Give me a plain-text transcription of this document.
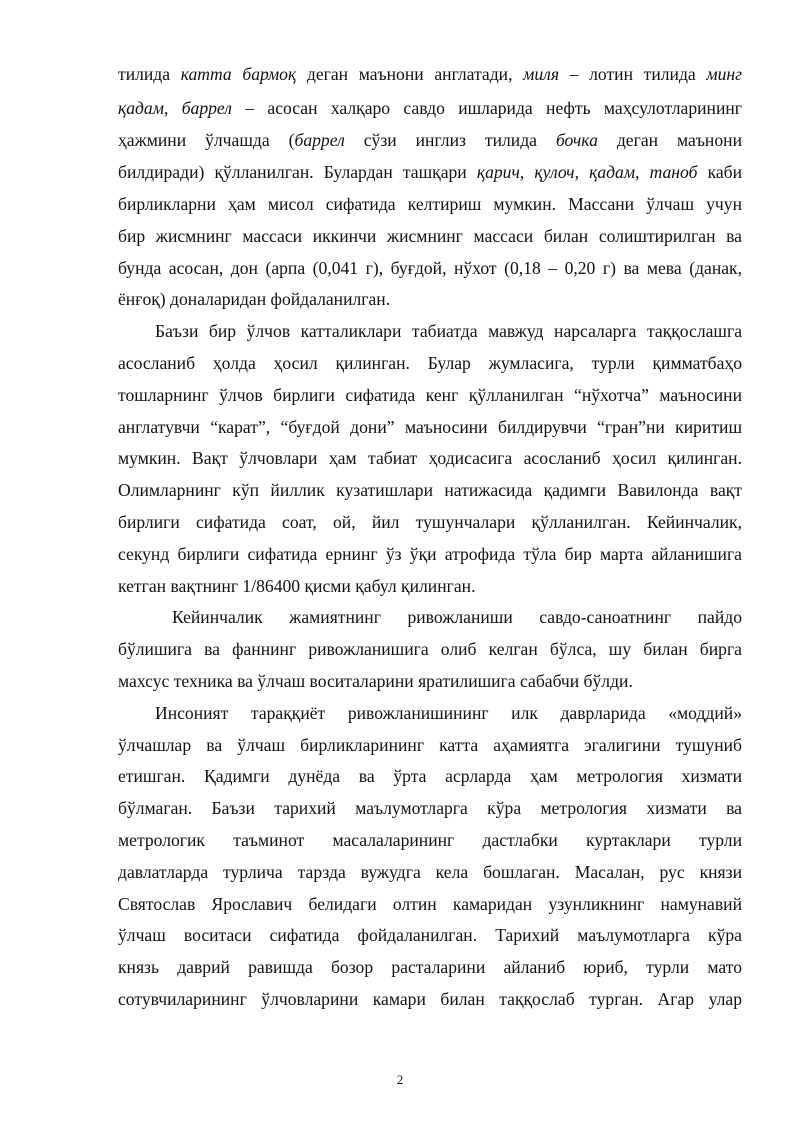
тилида катта бармоқ деган маънони англатади, миля – лотин тилида минг
қадам, баррел – асосан халқаро савдо ишларида нефть маҳсулотларининг
ҳажмини ўлчашда (баррел сўзи инглиз тилида бочка деган маънони
билдиради) қўлланилган. Булардан ташқари қарич, қулоч, қадам, таноб каби
бирликларни ҳам мисол сифатида келтириш мумкин. Массани ўлчаш учун
бир жисмнинг массаси иккинчи жисмнинг массаси билан солиштирилган ва
бунда асосан, дон (арпа (0,041 г), буғдой, нўхот (0,18 – 0,20 г) ва мева (данак,
ёнғоқ) доналаридан фойдаланилган.
Баъзи бир ўлчов катталиклари табиатда мавжуд нарсаларга таққослашга
асосланиб ҳолда ҳосил қилинган. Булар жумласига, турли қимматбаҳо
тошларнинг ўлчов бирлиги сифатида кенг қўлланилган “нўхотча” маъносини
англатувчи “карат”, “буғдой дони” маъносини билдирувчи “гран”ни киритиш
мумкин. Вақт ўлчовлари ҳам табиат ҳодисасига асосланиб ҳосил қилинган.
Олимларнинг кўп йиллик кузатишлари натижасида қадимги Вавилонда вақт
бирлиги сифатида соат, ой, йил тушунчалари қўлланилган. Кейинчалик,
секунд бирлиги сифатида ернинг ўз ўқи атрофида тўла бир марта айланишига
кетган вақтнинг 1/86400 қисми қабул қилинган.
Кейинчалик жамиятнинг ривожланиши савдо-саноатнинг пайдо
бўлишига ва фаннинг ривожланишига олиб келган бўлса, шу билан бирга
махсус техника ва ўлчаш воситаларини яратилишига сабабчи бўлди.
Инсоният тараққиёт ривожланишининг илк даврларида «моддий»
ўлчашлар ва ўлчаш бирликларининг катта аҳамиятга эгалигини тушуниб
етишган. Қадимги дунёда ва ўрта асрларда ҳам метрология хизмати
бўлмаган. Баъзи тарихий маълумотларга кўра метрология хизмати ва
метрологик таъминот масалаларининг дастлабки куртаклари турли
давлатларда турлича тарзда вужудга кела бошлаган. Масалан, рус князи
Святослав Ярославич белидаги олтин камаридан узунликнинг намунавий
ўлчаш воситаси сифатида фойдаланилган. Тарихий маълумотларга кўра
князь даврий равишда бозор расталарини айланиб юриб, турли мато
сотувчиларининг ўлчовларини камари билан таққослаб турган. Агар улар
2
